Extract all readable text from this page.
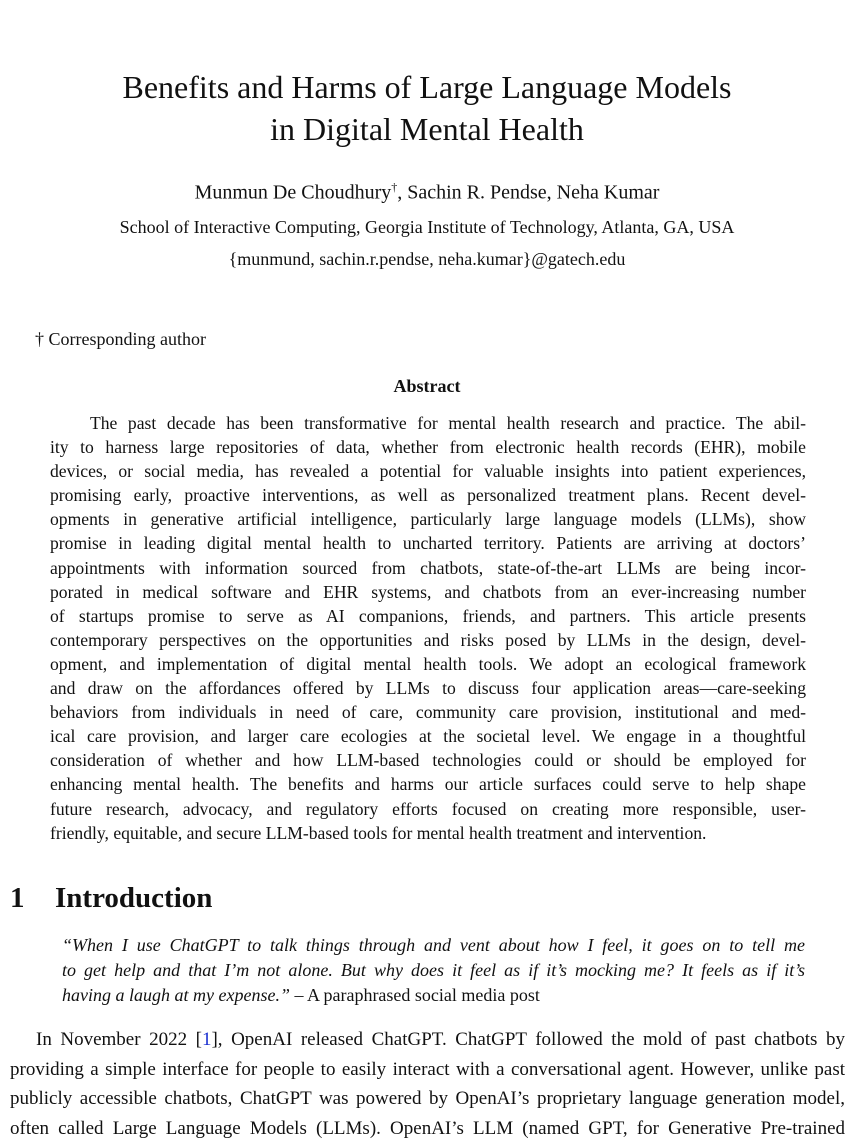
Benefits and Harms of Large Language Models
in Digital Mental Health
Munmun De Choudhury†, Sachin R. Pendse, Neha Kumar
School of Interactive Computing, Georgia Institute of Technology, Atlanta, GA, USA
{munmund, sachin.r.pendse, neha.kumar}@gatech.edu
† Corresponding author
Abstract
The past decade has been transformative for mental health research and practice. The abil-
ity to harness large repositories of data, whether from electronic health records (EHR), mobile
devices, or social media, has revealed a potential for valuable insights into patient experiences,
promising early, proactive interventions, as well as personalized treatment plans. Recent devel-
opments in generative artificial intelligence, particularly large language models (LLMs), show
promise in leading digital mental health to uncharted territory. Patients are arriving at doctors’
appointments with information sourced from chatbots, state-of-the-art LLMs are being incor-
porated in medical software and EHR systems, and chatbots from an ever-increasing number
of startups promise to serve as AI companions, friends, and partners. This article presents
contemporary perspectives on the opportunities and risks posed by LLMs in the design, devel-
opment, and implementation of digital mental health tools. We adopt an ecological framework
and draw on the affordances offered by LLMs to discuss four application areas—care-seeking
behaviors from individuals in need of care, community care provision, institutional and med-
ical care provision, and larger care ecologies at the societal level. We engage in a thoughtful
consideration of whether and how LLM-based technologies could or should be employed for
enhancing mental health. The benefits and harms our article surfaces could serve to help shape
future research, advocacy, and regulatory efforts focused on creating more responsible, user-
friendly, equitable, and secure LLM-based tools for mental health treatment and intervention.
1 Introduction
“When I use ChatGPT to talk things through and vent about how I feel, it goes on to tell me
to get help and that I’m not alone. But why does it feel as if it’s mocking me? It feels as if it’s
having a laugh at my expense.” – A paraphrased social media post
In November 2022 [1], OpenAI released ChatGPT. ChatGPT followed the mold of past chatbots by
providing a simple interface for people to easily interact with a conversational agent. However, unlike past
publicly accessible chatbots, ChatGPT was powered by OpenAI’s proprietary language generation model,
often called Large Language Models (LLMs). OpenAI’s LLM (named GPT, for Generative Pre-trained
